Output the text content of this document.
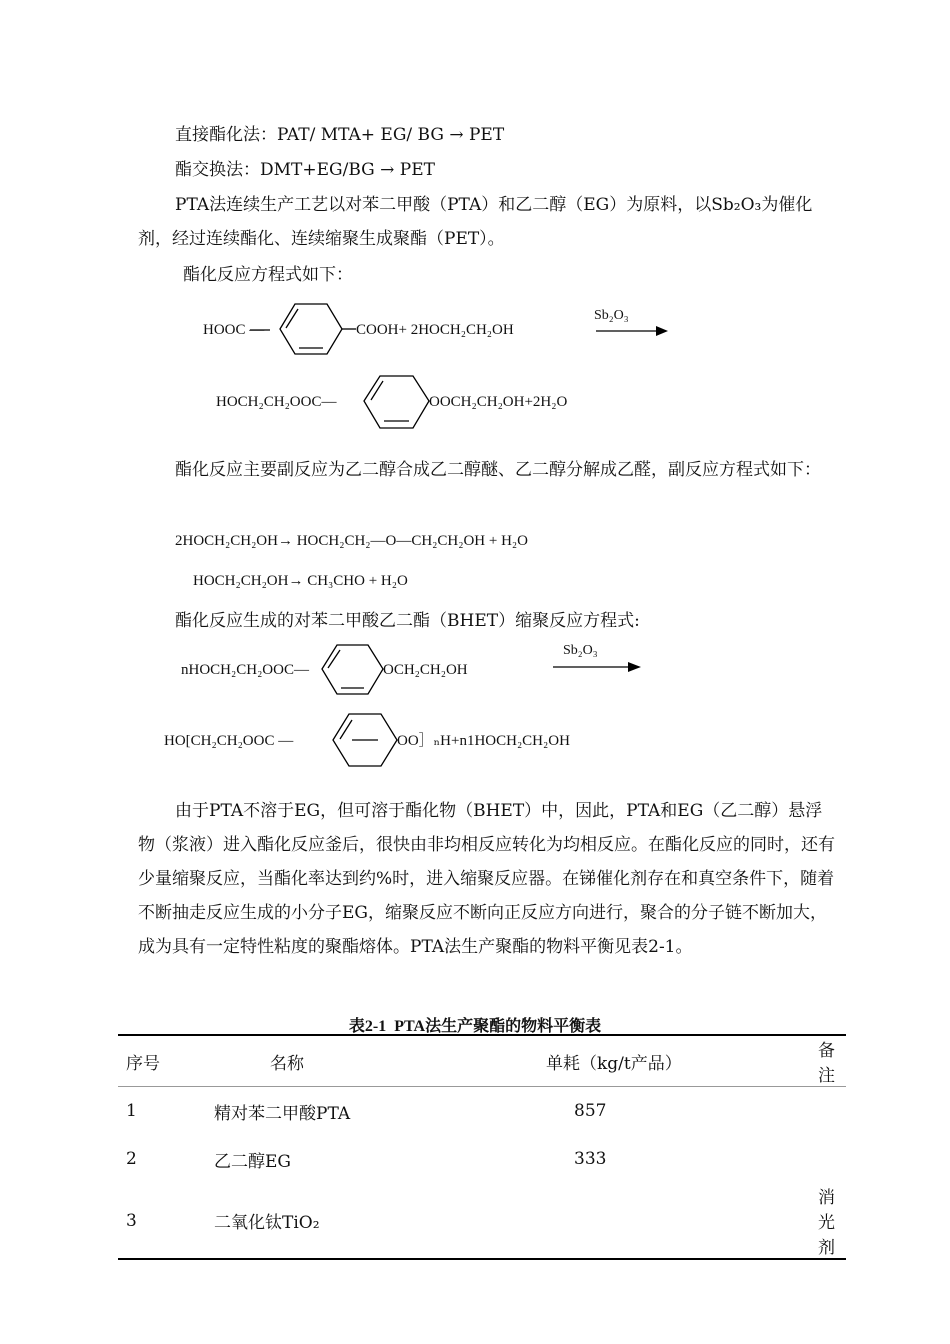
直接酯化法：PAT/ MTA+ EG/ BG → PET
酯交换法：DMT+EG/BG → PET
PTA法连续生产工艺以对苯二甲酸（PTA）和乙二醇（EG）为原料，以Sb₂O₃为催化剂，经过连续酯化、连续缩聚生成聚酯（PET）。
酯化反应方程式如下：
HOOC —	COOH+ 2HOCH₂CH₂OH
Sb₂O₃
HOCH₂CH₂OOC—	OOCH₂CH₂OH+2H₂O
酯化反应主要副反应为乙二醇合成乙二醇醚、乙二醇分解成乙醛，副反应方程式如下：
2HOCH₂CH₂OH→ HOCH₂CH₂—O—CH₂CH₂OH + H₂O
HOCH₂CH₂OH→ CH₃CHO + H₂O
酯化反应生成的对苯二甲酸乙二酯（BHET）缩聚反应方程式:
Sb₂O₃
nHOCH₂CH₂OOC—	OCH₂CH₂OH
HO[CH₂CH₂OOC —	OO］ₙH+n1HOCH₂CH₂OH
由于PTA不溶于EG，但可溶于酯化物（BHET）中，因此，PTA和EG（乙二醇）悬浮物（浆液）进入酯化反应釜后，很快由非均相反应转化为均相反应。在酯化反应的同时，还有少量缩聚反应，当酯化率达到约%时，进入缩聚反应器。在锑催化剂存在和真空条件下，随着不断抽走反应生成的小分子EG，缩聚反应不断向正反应方向进行，聚合的分子链不断加大，成为具有一定特性粘度的聚酯熔体。PTA法生产聚酯的物料平衡见表2-1。
表2-1 PTA法生产聚酯的物料平衡表
序号	名称	单耗（kg/t产品）	备注
1	精对苯二甲酸PTA	857	
2	乙二醇EG	333	
3	二氧化钛TiO₂		消光剂
